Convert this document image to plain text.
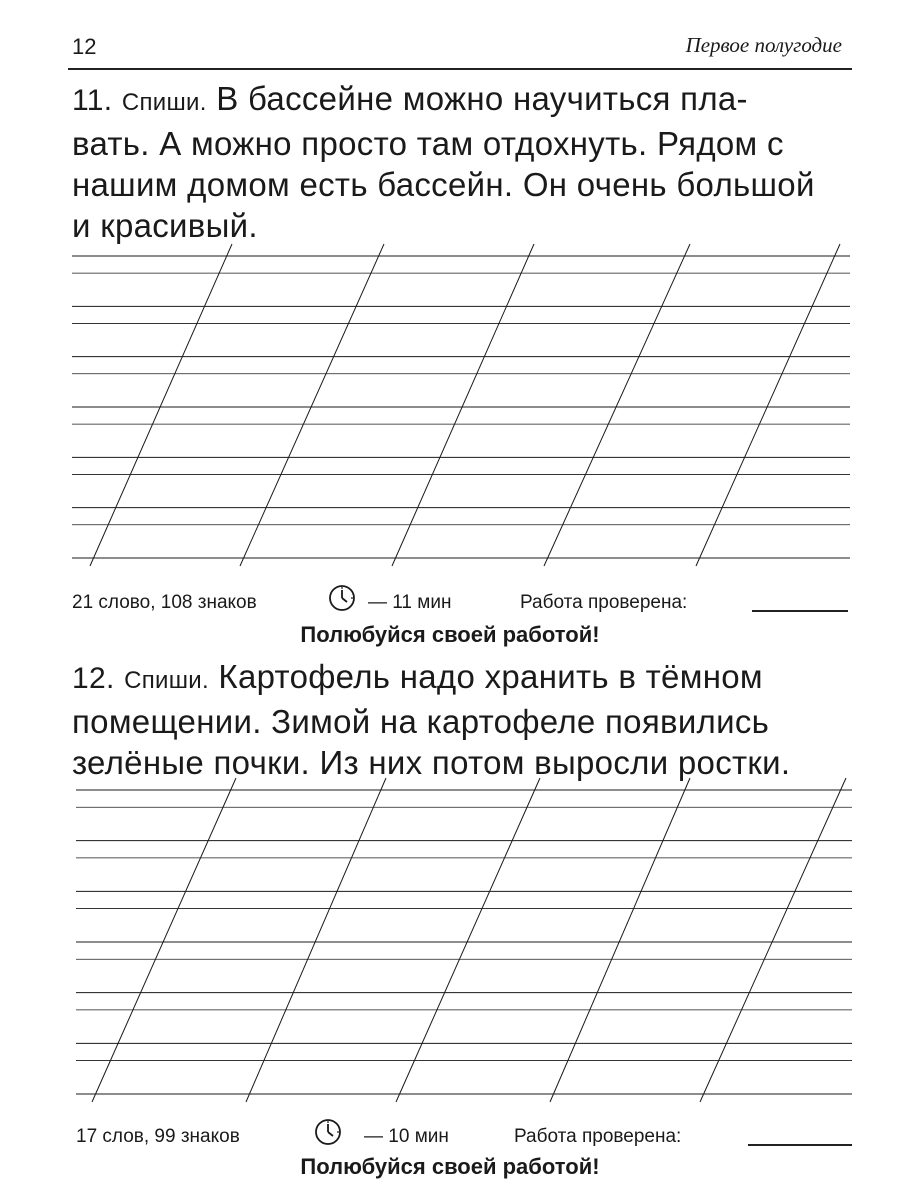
12	Первое полугодие
11. Спиши. В бассейне можно научиться пла-
вать. А можно просто там отдохнуть. Рядом с
нашим домом есть бассейн. Он очень большой
и красивый.
21 слово, 108 знаков	— 11 мин	Работа проверена:
Полюбуйся своей работой!
12. Спиши. Картофель надо хранить в тёмном
помещении. Зимой на картофеле появились
зелёные почки. Из них потом выросли ростки.
17 слов, 99 знаков	— 10 мин	Работа проверена:
Полюбуйся своей работой!
